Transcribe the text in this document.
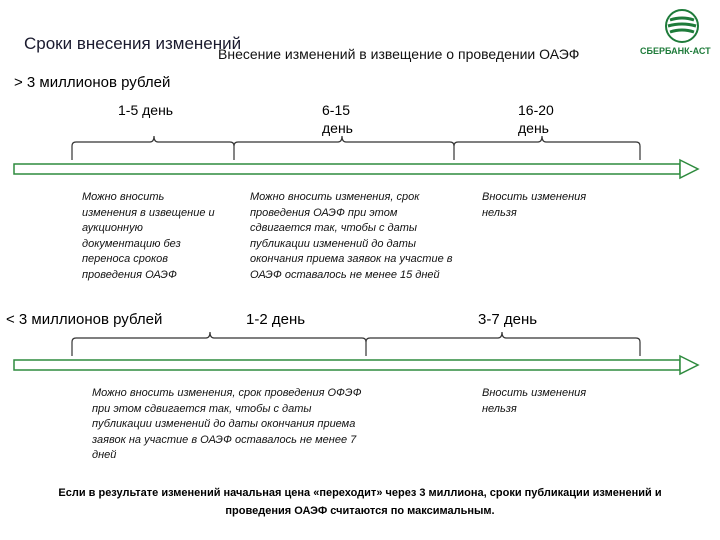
Сроки внесения изменений
Внесение изменений в извещение о проведении ОАЭФ	СБЕРБАНК-АСТ
> 3 миллионов рублей
1-5 день	6-15 день
16-20 день
Можно вносить изменения в извещение и аукционную документацию без переноса сроков проведения ОАЭФ
Можно вносить изменения, срок проведения ОАЭФ при этом сдвигается так, чтобы с даты публикации изменений до даты окончания приема заявок на участие в ОАЭФ оставалось не менее 15 дней
Вносить изменения нельзя
< 3 миллионов рублей	1-2 день	3-7 день
Можно вносить изменения, срок проведения ОФЭФ при этом сдвигается так, чтобы с даты публикации изменений до даты окончания приема заявок на участие в ОАЭФ оставалось не менее 7 дней
Вносить изменения нельзя
Если в результате изменений начальная цена «переходит» через 3 миллиона, сроки публикации изменений и проведения ОАЭФ считаются по максимальным.
